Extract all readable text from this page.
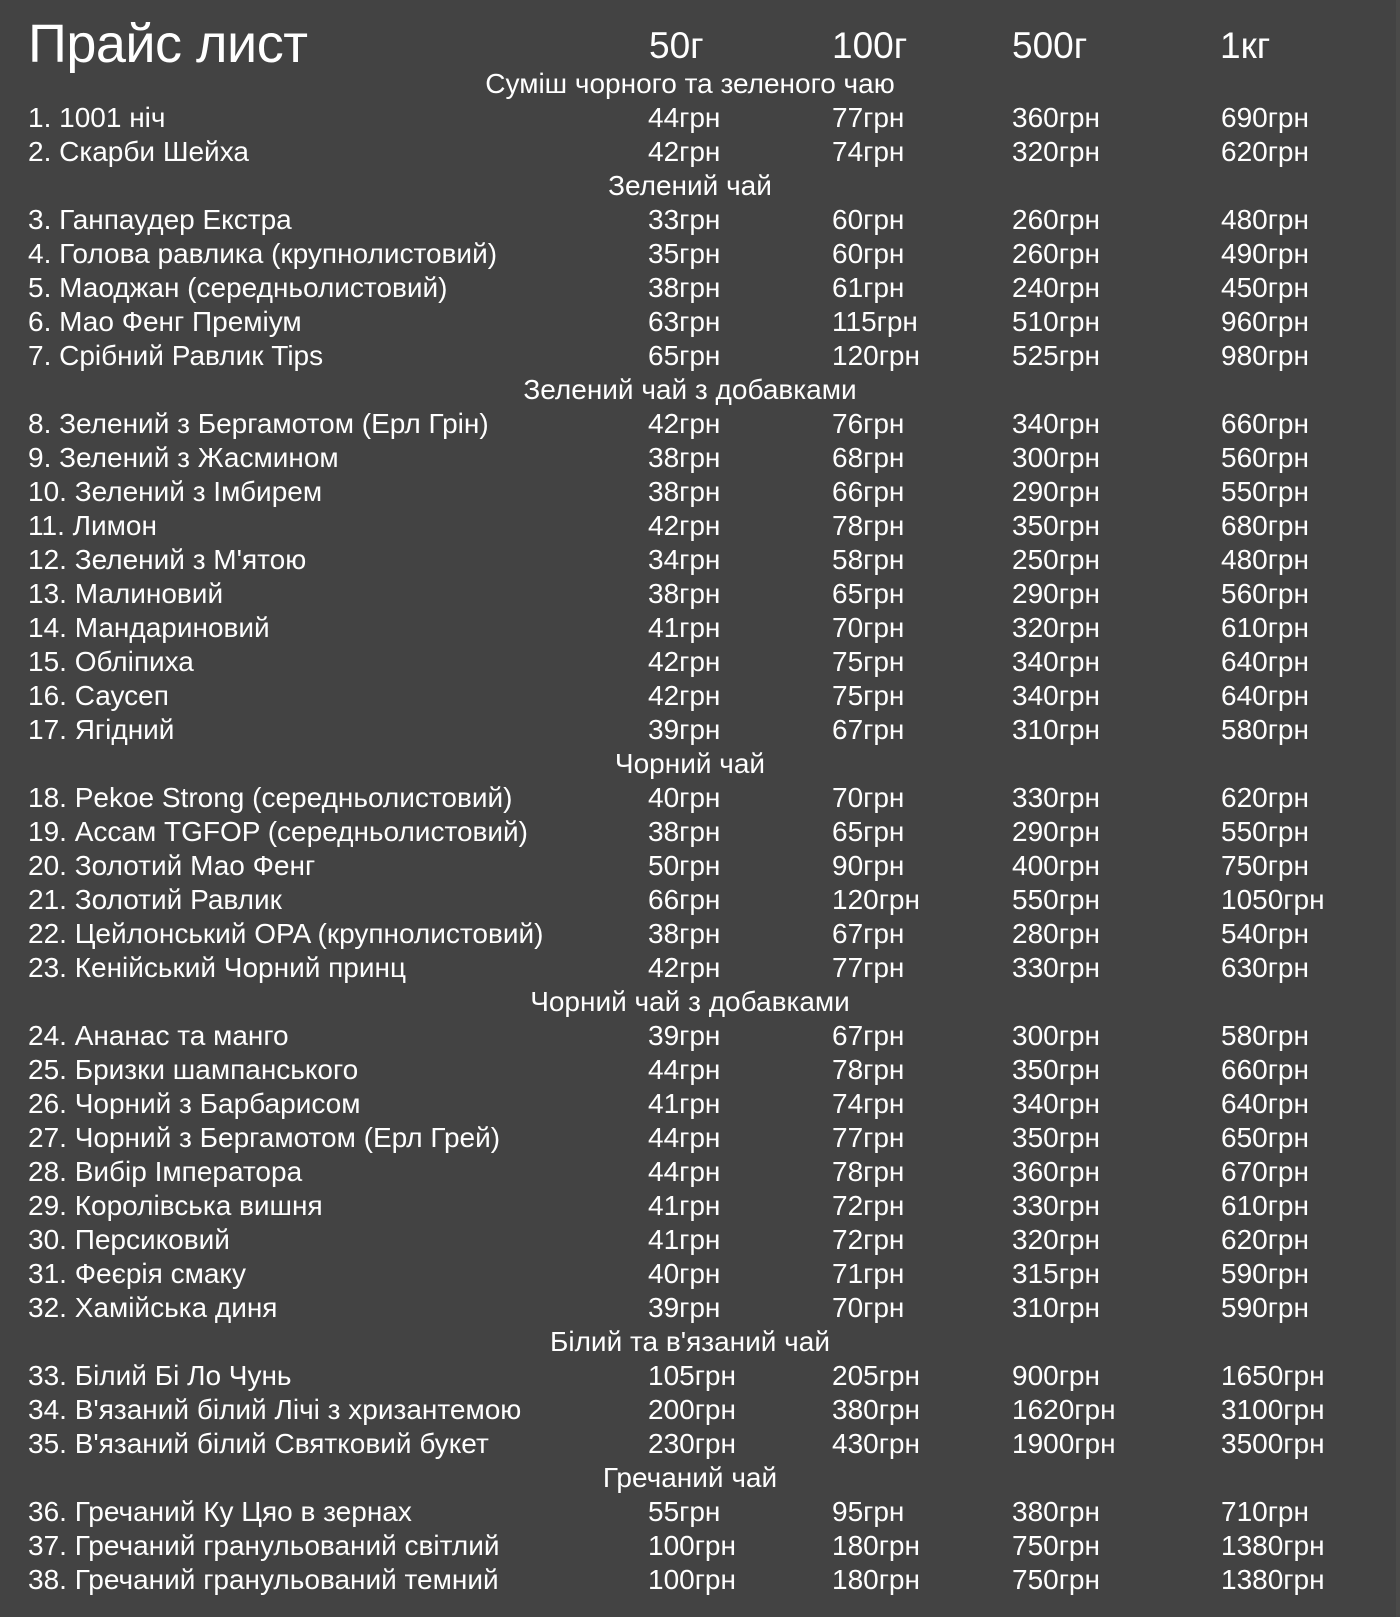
Прайс лист	50г	100г	500г	1кг
Суміш чорного та зеленого чаю
1. 1001 ніч	44грн	77грн	360грн	690грн
2. Скарби Шейха	42грн	74грн	320грн	620грн
Зелений чай
3. Ганпаудер Екстра	33грн	60грн	260грн	480грн
4. Голова равлика (крупнолистовий)	35грн	60грн	260грн	490грн
5. Маоджан (середньолистовий)	38грн	61грн	240грн	450грн
6. Мао Фенг Преміум	63грн	115грн	510грн	960грн
7. Срібний Равлик Tips	65грн	120грн	525грн	980грн
Зелений чай з добавками
8. Зелений з Бергамотом (Ерл Грін)	42грн	76грн	340грн	660грн
9. Зелений з Жасмином	38грн	68грн	300грн	560грн
10. Зелений з Імбирем	38грн	66грн	290грн	550грн
11. Лимон	42грн	78грн	350грн	680грн
12. Зелений з М'ятою	34грн	58грн	250грн	480грн
13. Малиновий	38грн	65грн	290грн	560грн
14. Мандариновий	41грн	70грн	320грн	610грн
15. Обліпиха	42грн	75грн	340грн	640грн
16. Саусеп	42грн	75грн	340грн	640грн
17. Ягідний	39грн	67грн	310грн	580грн
Чорний чай
18. Pekoe Strong (середньолистовий)	40грн	70грн	330грн	620грн
19. Ассам TGFOP (середньолистовий)	38грн	65грн	290грн	550грн
20. Золотий Мао Фенг	50грн	90грн	400грн	750грн
21. Золотий Равлик	66грн	120грн	550грн	1050грн
22. Цейлонський OPA (крупнолистовий)	38грн	67грн	280грн	540грн
23. Кенійський Чорний принц	42грн	77грн	330грн	630грн
Чорний чай з добавками
24. Ананас та манго	39грн	67грн	300грн	580грн
25. Бризки шампанського	44грн	78грн	350грн	660грн
26. Чорний з Барбарисом	41грн	74грн	340грн	640грн
27. Чорний з Бергамотом (Ерл Грей)	44грн	77грн	350грн	650грн
28. Вибір Імператора	44грн	78грн	360грн	670грн
29. Королівська вишня	41грн	72грн	330грн	610грн
30. Персиковий	41грн	72грн	320грн	620грн
31. Феєрія смаку	40грн	71грн	315грн	590грн
32. Хамійська диня	39грн	70грн	310грн	590грн
Білий та в'язаний чай
33. Білий Бі Ло Чунь	105грн	205грн	900грн	1650грн
34. В'язаний білий Лічі з хризантемою	200грн	380грн	1620грн	3100грн
35. В'язаний білий Святковий букет	230грн	430грн	1900грн	3500грн
Гречаний чай
36. Гречаний Ку Цяо в зернах	55грн	95грн	380грн	710грн
37. Гречаний гранульований світлий	100грн	180грн	750грн	1380грн
38. Гречаний гранульований темний	100грн	180грн	750грн	1380грн
